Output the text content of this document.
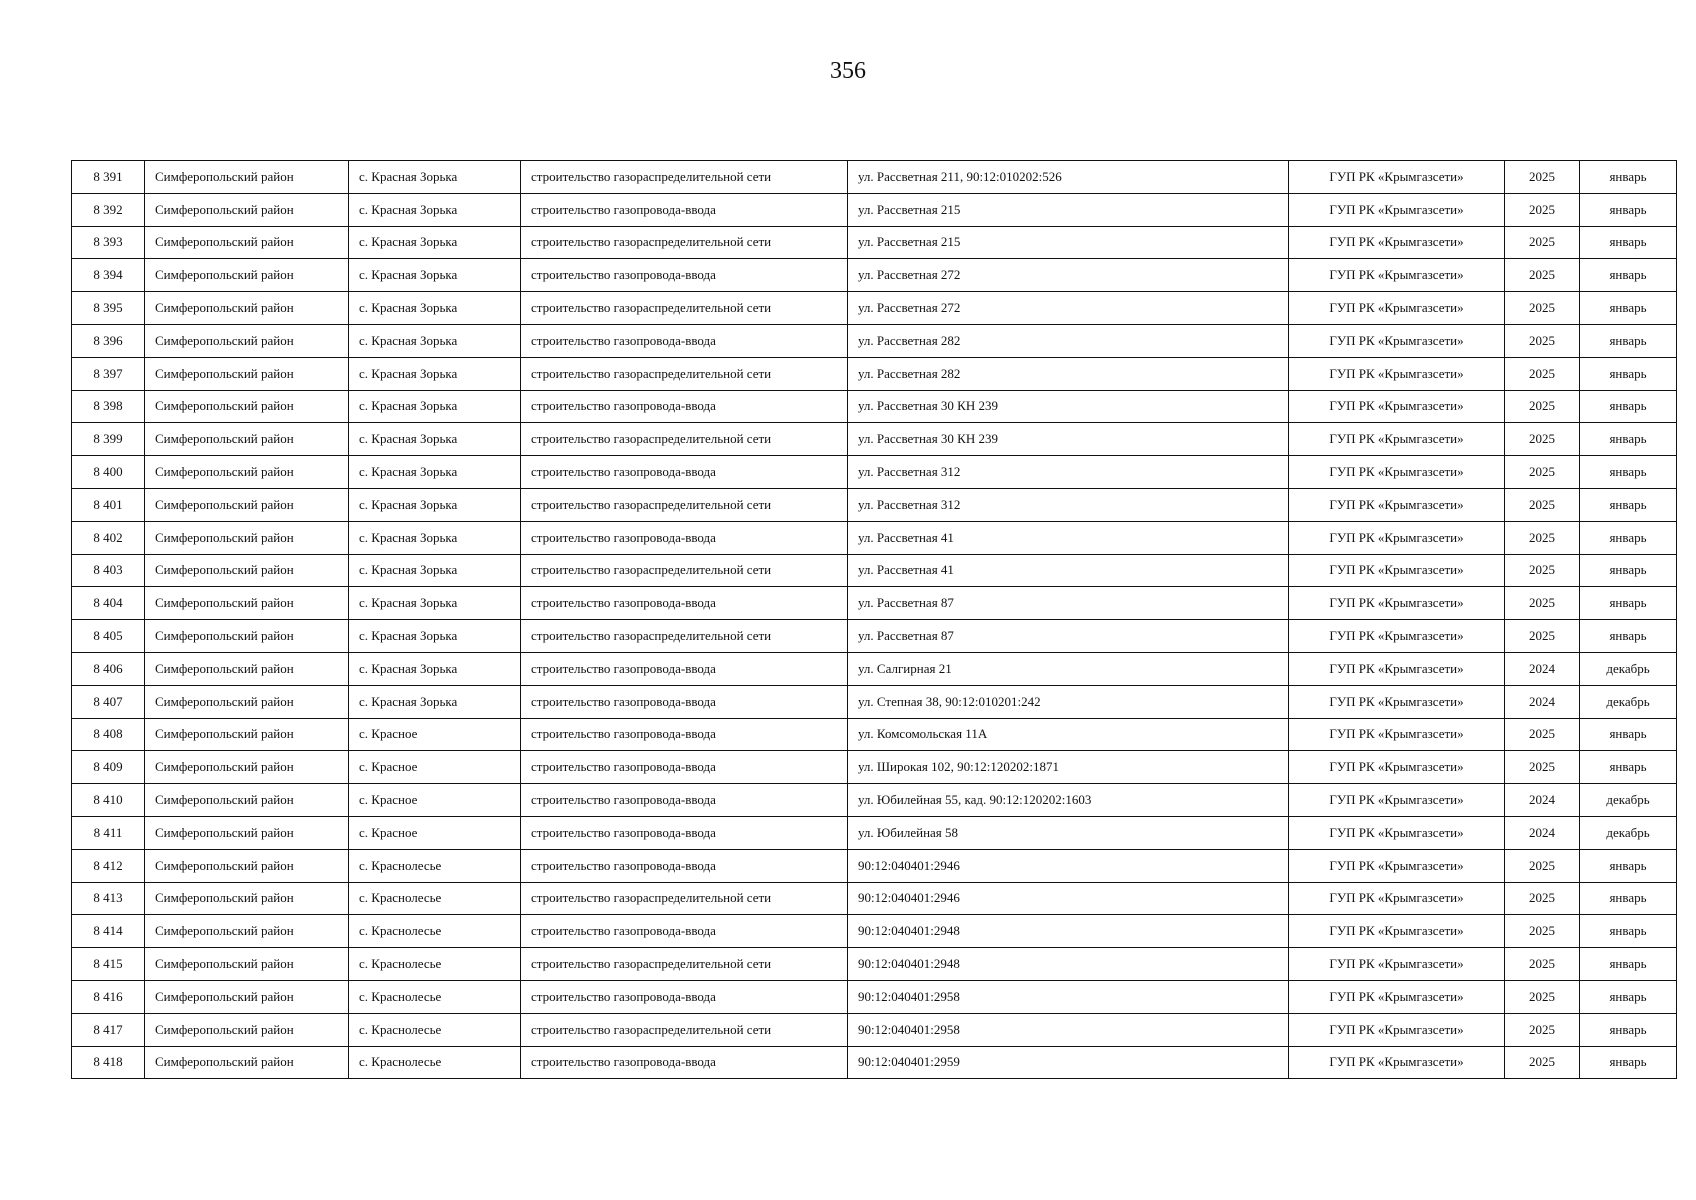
356
8 391	Симферопольский район	с. Красная Зорька	строительство газораспределительной сети	ул. Рассветная 211, 90:12:010202:526	ГУП РК «Крымгазсети»	2025	январь
8 392	Симферопольский район	с. Красная Зорька	строительство газопровода-ввода	ул. Рассветная 215	ГУП РК «Крымгазсети»	2025	январь
8 393	Симферопольский район	с. Красная Зорька	строительство газораспределительной сети	ул. Рассветная 215	ГУП РК «Крымгазсети»	2025	январь
8 394	Симферопольский район	с. Красная Зорька	строительство газопровода-ввода	ул. Рассветная 272	ГУП РК «Крымгазсети»	2025	январь
8 395	Симферопольский район	с. Красная Зорька	строительство газораспределительной сети	ул. Рассветная 272	ГУП РК «Крымгазсети»	2025	январь
8 396	Симферопольский район	с. Красная Зорька	строительство газопровода-ввода	ул. Рассветная 282	ГУП РК «Крымгазсети»	2025	январь
8 397	Симферопольский район	с. Красная Зорька	строительство газораспределительной сети	ул. Рассветная 282	ГУП РК «Крымгазсети»	2025	январь
8 398	Симферопольский район	с. Красная Зорька	строительство газопровода-ввода	ул. Рассветная 30 КН 239	ГУП РК «Крымгазсети»	2025	январь
8 399	Симферопольский район	с. Красная Зорька	строительство газораспределительной сети	ул. Рассветная 30 КН 239	ГУП РК «Крымгазсети»	2025	январь
8 400	Симферопольский район	с. Красная Зорька	строительство газопровода-ввода	ул. Рассветная 312	ГУП РК «Крымгазсети»	2025	январь
8 401	Симферопольский район	с. Красная Зорька	строительство газораспределительной сети	ул. Рассветная 312	ГУП РК «Крымгазсети»	2025	январь
8 402	Симферопольский район	с. Красная Зорька	строительство газопровода-ввода	ул. Рассветная 41	ГУП РК «Крымгазсети»	2025	январь
8 403	Симферопольский район	с. Красная Зорька	строительство газораспределительной сети	ул. Рассветная 41	ГУП РК «Крымгазсети»	2025	январь
8 404	Симферопольский район	с. Красная Зорька	строительство газопровода-ввода	ул. Рассветная 87	ГУП РК «Крымгазсети»	2025	январь
8 405	Симферопольский район	с. Красная Зорька	строительство газораспределительной сети	ул. Рассветная 87	ГУП РК «Крымгазсети»	2025	январь
8 406	Симферопольский район	с. Красная Зорька	строительство газопровода-ввода	ул. Салгирная 21	ГУП РК «Крымгазсети»	2024	декабрь
8 407	Симферопольский район	с. Красная Зорька	строительство газопровода-ввода	ул. Степная 38, 90:12:010201:242	ГУП РК «Крымгазсети»	2024	декабрь
8 408	Симферопольский район	с. Красное	строительство газопровода-ввода	ул. Комсомольская 11А	ГУП РК «Крымгазсети»	2025	январь
8 409	Симферопольский район	с. Красное	строительство газопровода-ввода	ул. Широкая 102, 90:12:120202:1871	ГУП РК «Крымгазсети»	2025	январь
8 410	Симферопольский район	с. Красное	строительство газопровода-ввода	ул. Юбилейная 55, кад. 90:12:120202:1603	ГУП РК «Крымгазсети»	2024	декабрь
8 411	Симферопольский район	с. Красное	строительство газопровода-ввода	ул. Юбилейная 58	ГУП РК «Крымгазсети»	2024	декабрь
8 412	Симферопольский район	с. Краснолесье	строительство газопровода-ввода	90:12:040401:2946	ГУП РК «Крымгазсети»	2025	январь
8 413	Симферопольский район	с. Краснолесье	строительство газораспределительной сети	90:12:040401:2946	ГУП РК «Крымгазсети»	2025	январь
8 414	Симферопольский район	с. Краснолесье	строительство газопровода-ввода	90:12:040401:2948	ГУП РК «Крымгазсети»	2025	январь
8 415	Симферопольский район	с. Краснолесье	строительство газораспределительной сети	90:12:040401:2948	ГУП РК «Крымгазсети»	2025	январь
8 416	Симферопольский район	с. Краснолесье	строительство газопровода-ввода	90:12:040401:2958	ГУП РК «Крымгазсети»	2025	январь
8 417	Симферопольский район	с. Краснолесье	строительство газораспределительной сети	90:12:040401:2958	ГУП РК «Крымгазсети»	2025	январь
8 418	Симферопольский район	с. Краснолесье	строительство газопровода-ввода	90:12:040401:2959	ГУП РК «Крымгазсети»	2025	январь
